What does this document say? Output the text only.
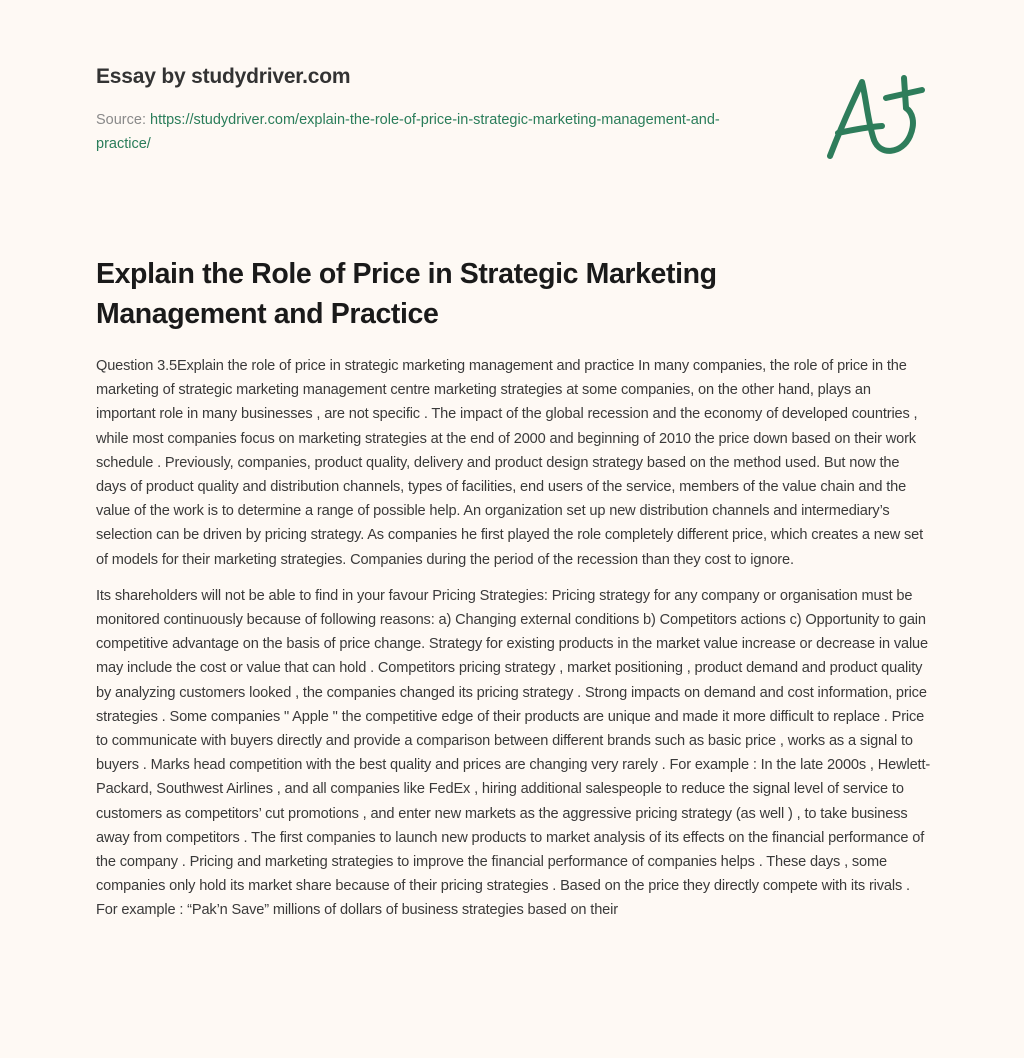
Essay by studydriver.com
Source: https://studydriver.com/explain-the-role-of-price-in-strategic-marketing-management-and-practice/
Explain the Role of Price in Strategic Marketing Management and Practice

Question 3.5Explain the role of price in strategic marketing management and practice In many companies, the role of price in the marketing of strategic marketing management centre marketing strategies at some companies, on the other hand, plays an important role in many businesses , are not specific . The impact of the global recession and the economy of developed countries , while most companies focus on marketing strategies at the end of 2000 and beginning of 2010 the price down based on their work schedule . Previously, companies, product quality, delivery and product design strategy based on the method used. But now the days of product quality and distribution channels, types of facilities, end users of the service, members of the value chain and the value of the work is to determine a range of possible help. An organization set up new distribution channels and intermediary’s selection can be driven by pricing strategy. As companies he first played the role completely different price, which creates a new set of models for their marketing strategies. Companies during the period of the recession than they cost to ignore.

Its shareholders will not be able to find in your favour Pricing Strategies: Pricing strategy for any company or organisation must be monitored continuously because of following reasons: a) Changing external conditions b) Competitors actions c) Opportunity to gain competitive advantage on the basis of price change. Strategy for existing products in the market value increase or decrease in value may include the cost or value that can hold . Competitors pricing strategy , market positioning , product demand and product quality by analyzing customers looked , the companies changed its pricing strategy . Strong impacts on demand and cost information, price strategies . Some companies " Apple " the competitive edge of their products are unique and made it more difficult to replace . Price to communicate with buyers directly and provide a comparison between different brands such as basic price , works as a signal to buyers . Marks head competition with the best quality and prices are changing very rarely . For example : In the late 2000s , Hewlett-Packard, Southwest Airlines , and all companies like FedEx , hiring additional salespeople to reduce the signal level of service to customers as competitors’ cut promotions , and enter new markets as the aggressive pricing strategy (as well ) , to take business away from competitors . The first companies to launch new products to market analysis of its effects on the financial performance of the company . Pricing and marketing strategies to improve the financial performance of companies helps . These days , some companies only hold its market share because of their pricing strategies . Based on the price they directly compete with its rivals . For example : “Pak’n Save” millions of dollars of business strategies based on their
